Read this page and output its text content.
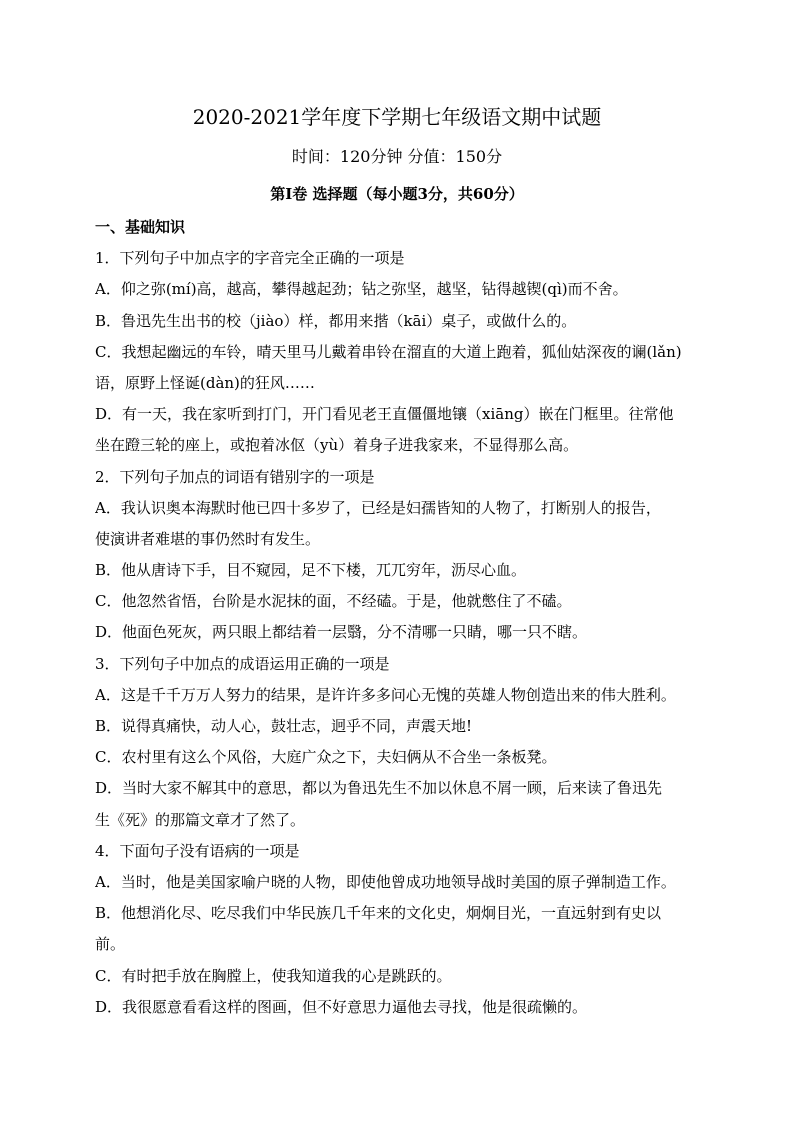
2020-2021学年度下学期七年级语文期中试题
时间：120分钟 分值：150分
第Ⅰ卷 选择题（每小题3分，共60分）
一、基础知识
1．下列句子中加点字的字音完全正确的一项是
A．仰之弥(mí)高，越高，攀得越起劲；钻之弥坚，越坚，钻得越锲(qì)而不舍。
B．鲁迅先生出书的校（jiào）样，都用来揩（kāi）桌子，或做什么的。
C．我想起幽远的车铃，晴天里马儿戴着串铃在溜直的大道上跑着，狐仙姑深夜的谰(lǎn)
语，原野上怪诞(dàn)的狂风……
D．有一天，我在家听到打门，开门看见老王直僵僵地镶（xiāng）嵌在门框里。往常他
坐在蹬三轮的座上，或抱着冰伛（yù）着身子进我家来，不显得那么高。
2．下列句子加点的词语有错别字的一项是
A．我认识奥本海默时他已四十多岁了，已经是妇孺皆知的人物了，打断别人的报告，
使演讲者难堪的事仍然时有发生。
B．他从唐诗下手，目不窥园，足不下楼，兀兀穷年，沥尽心血。
C．他忽然省悟，台阶是水泥抹的面，不经磕。于是，他就憋住了不磕。
D．他面色死灰，两只眼上都结着一层翳，分不清哪一只睛，哪一只不瞎。
3．下列句子中加点的成语运用正确的一项是
A．这是千千万万人努力的结果，是许许多多问心无愧的英雄人物创造出来的伟大胜利。
B．说得真痛快，动人心，鼓壮志，迥乎不同，声震天地!
C．农村里有这么个风俗，大庭广众之下，夫妇俩从不合坐一条板凳。
D．当时大家不解其中的意思，都以为鲁迅先生不加以休息不屑一顾，后来读了鲁迅先
生《死》的那篇文章才了然了。
4．下面句子没有语病的一项是
A．当时，他是美国家喻户晓的人物，即使他曾成功地领导战时美国的原子弹制造工作。
B．他想消化尽、吃尽我们中华民族几千年来的文化史，炯炯目光，一直远射到有史以
前。
C．有时把手放在胸膛上，使我知道我的心是跳跃的。
D．我很愿意看看这样的图画，但不好意思力逼他去寻找，他是很疏懒的。
